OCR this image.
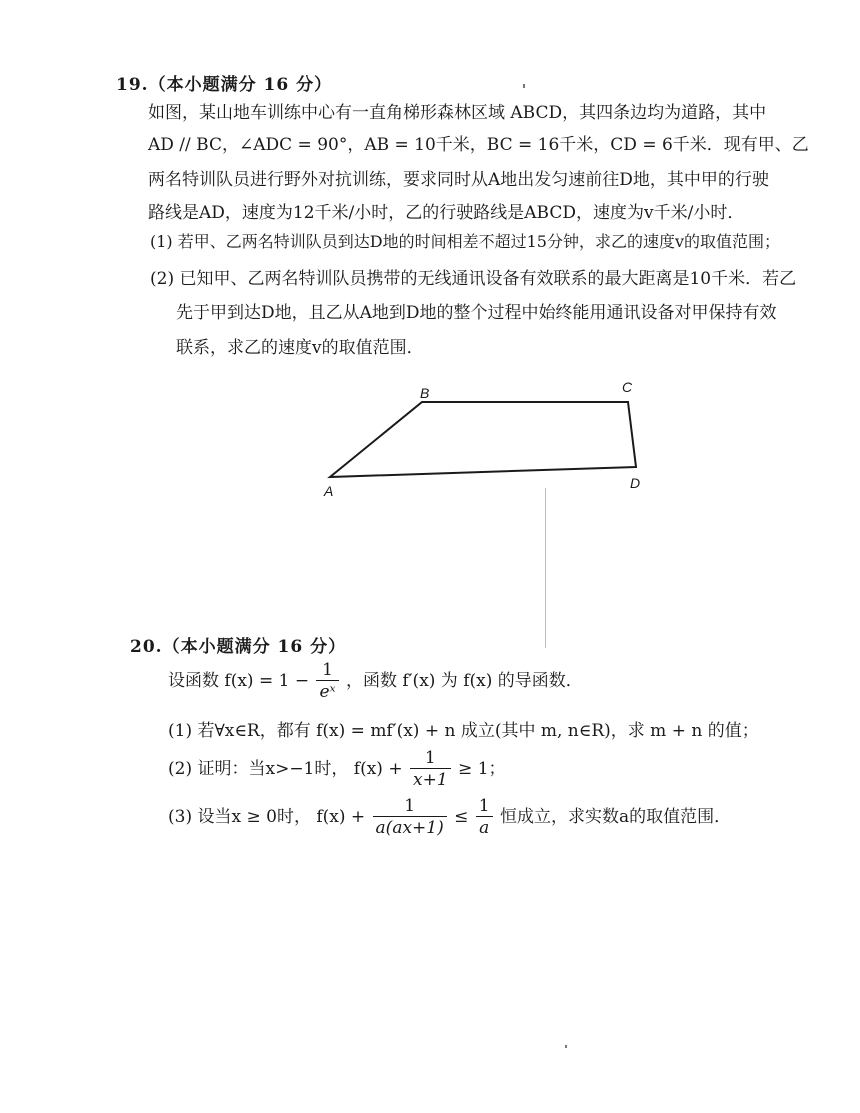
19.（本小题满分 16 分）
如图，某山地车训练中心有一直角梯形森林区域 ABCD，其四条边均为道路，其中
AD // BC，∠ADC = 90°，AB = 10千米，BC = 16千米，CD = 6千米．现有甲、乙
两名特训队员进行野外对抗训练，要求同时从A地出发匀速前往D地，其中甲的行驶
路线是AD，速度为12千米/小时，乙的行驶路线是ABCD，速度为v千米/小时．
(1) 若甲、乙两名特训队员到达D地的时间相差不超过15分钟，求乙的速度v的取值范围；
(2) 已知甲、乙两名特训队员携带的无线通讯设备有效联系的最大距离是10千米．若乙
先于甲到达D地，且乙从A地到D地的整个过程中始终能用通讯设备对甲保持有效
联系，求乙的速度v的取值范围．
A
B	C
D
20.（本小题满分 16 分）
设函数 $f(x) = 1 - \frac{1}{\text{eˣ}}$ ，函数 f′(x) 为 f(x) 的导函数．
(1) 若∀x∈R，都有 f(x) = mf′(x) + n 成立(其中 m, n∈R)，求 m + n 的值；
(2) 证明：当x>−1时， $f(x) + \frac{1}{x+1} \ge 1$；
(3) 设当x ≥ 0时， $f(x) + \frac{1}{a(ax+1)} \le \frac{1}{a}$ 恒成立，求实数a的取值范围．
